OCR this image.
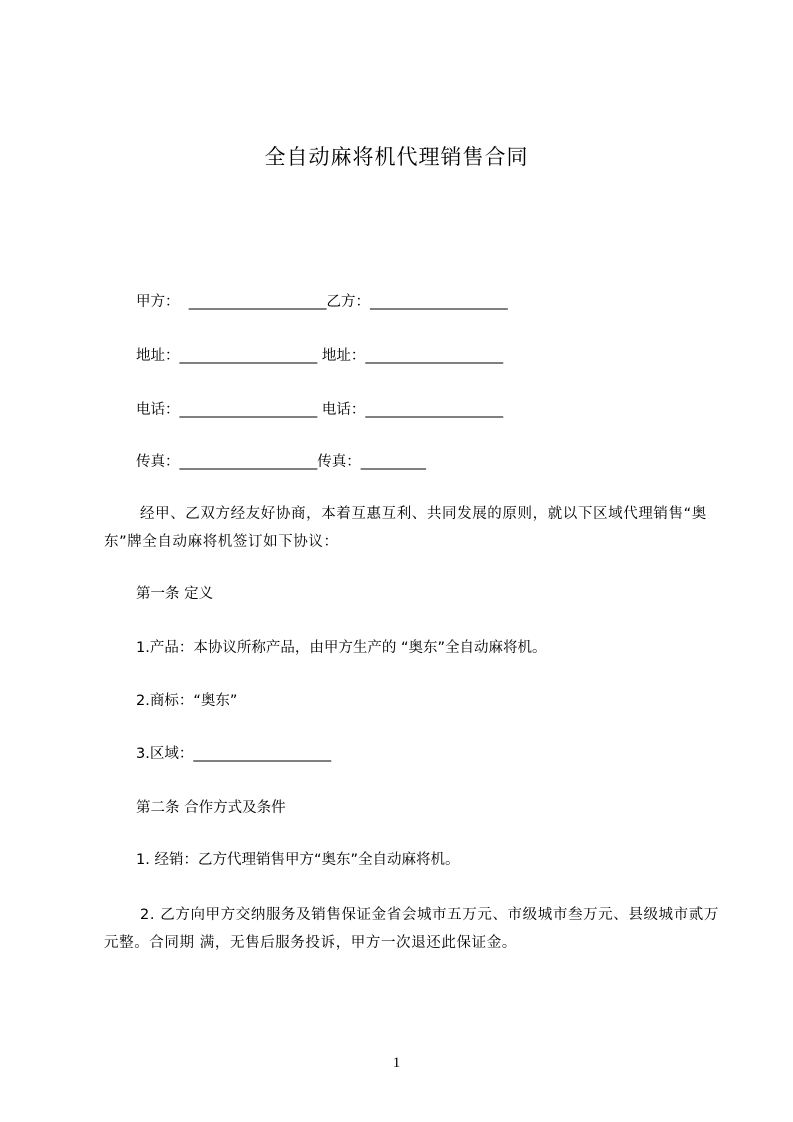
全自动麻将机代理销售合同
甲方：  ___________________乙方：___________________
地址：___________________ 地址：___________________
电话：___________________ 电话：___________________
传真：___________________传真：_________
经甲、乙双方经友好协商，本着互惠互利、共同发展的原则，就以下区域代理销售“奥东”牌全自动麻将机签订如下协议：
第一条 定义
1.产品：本协议所称产品，由甲方生产的 “奥东”全自动麻将机。
2.商标：“奥东”
3.区域：___________________
第二条 合作方式及条件
1. 经销：乙方代理销售甲方“奥东”全自动麻将机。
2. 乙方向甲方交纳服务及销售保证金省会城市五万元、市级城市叁万元、县级城市贰万元整。合同期 满，无售后服务投诉，甲方一次退还此保证金。
1
